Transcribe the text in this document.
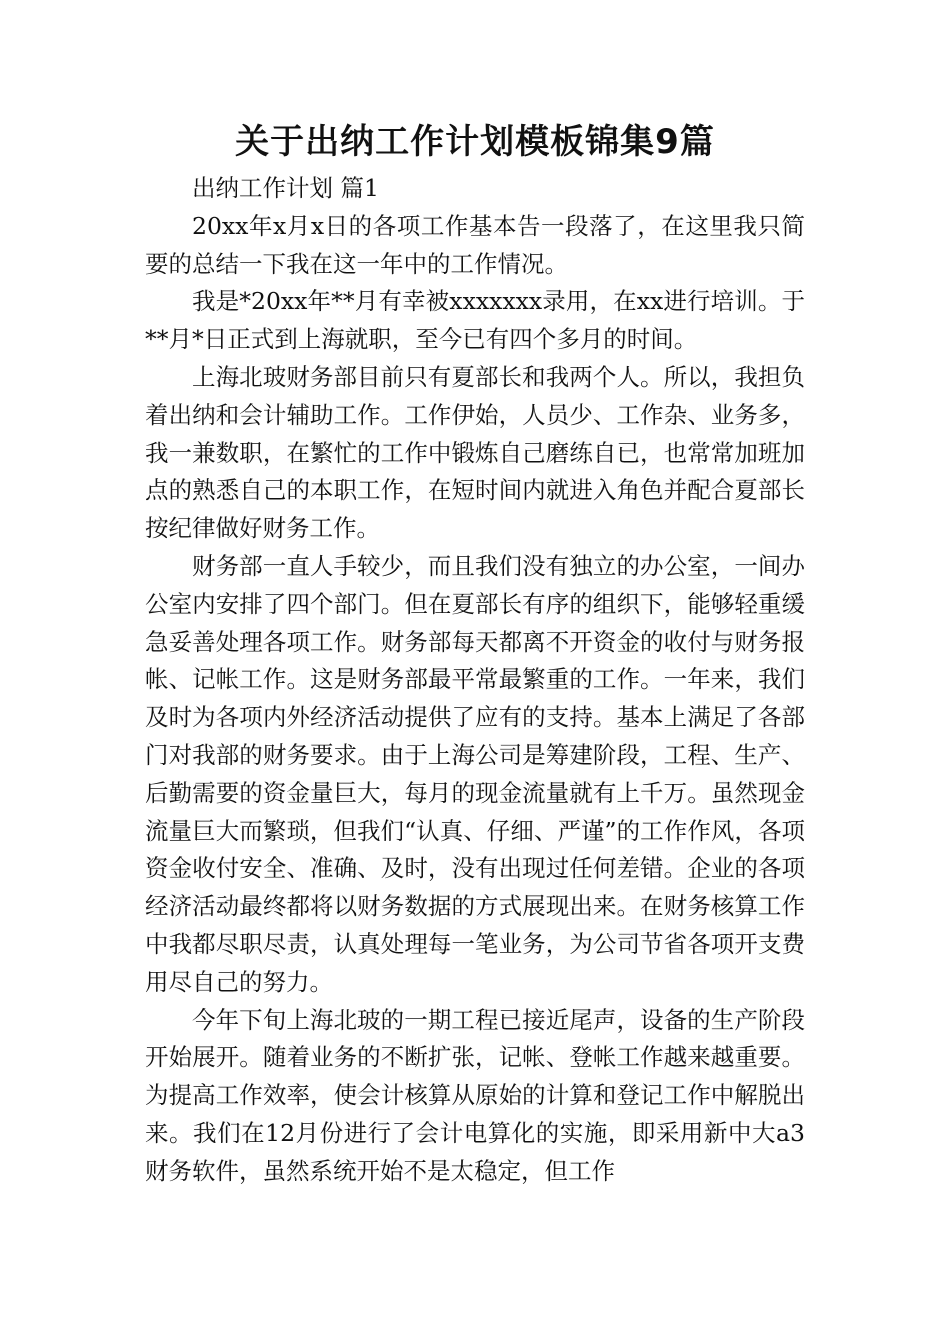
关于出纳工作计划模板锦集9篇

出纳工作计划 篇1

20xx年x月x日的各项工作基本告一段落了，在这里我只简要的总结一下我在这一年中的工作情况。

我是*20xx年**月有幸被xxxxxxx录用，在xx进行培训。于**月*日正式到上海就职，至今已有四个多月的时间。

上海北玻财务部目前只有夏部长和我两个人。所以，我担负着出纳和会计辅助工作。工作伊始，人员少、工作杂、业务多，我一兼数职，在繁忙的工作中锻炼自己磨练自已，也常常加班加点的熟悉自己的本职工作，在短时间内就进入角色并配合夏部长按纪律做好财务工作。

财务部一直人手较少，而且我们没有独立的办公室，一间办公室内安排了四个部门。但在夏部长有序的组织下，能够轻重缓急妥善处理各项工作。财务部每天都离不开资金的收付与财务报帐、记帐工作。这是财务部最平常最繁重的工作。一年来，我们及时为各项内外经济活动提供了应有的支持。基本上满足了各部门对我部的财务要求。由于上海公司是筹建阶段，工程、生产、后勤需要的资金量巨大，每月的现金流量就有上千万。虽然现金流量巨大而繁琐，但我们“认真、仔细、严谨”的工作作风，各项资金收付安全、准确、及时，没有出现过任何差错。企业的各项经济活动最终都将以财务数据的方式展现出来。在财务核算工作中我都尽职尽责，认真处理每一笔业务，为公司节省各项开支费用尽自己的努力。

今年下旬上海北玻的一期工程已接近尾声，设备的生产阶段开始展开。随着业务的不断扩张，记帐、登帐工作越来越重要。为提高工作效率，使会计核算从原始的计算和登记工作中解脱出来。我们在12月份进行了会计电算化的实施，即采用新中大a3财务软件，虽然系统开始不是太稳定，但工作
